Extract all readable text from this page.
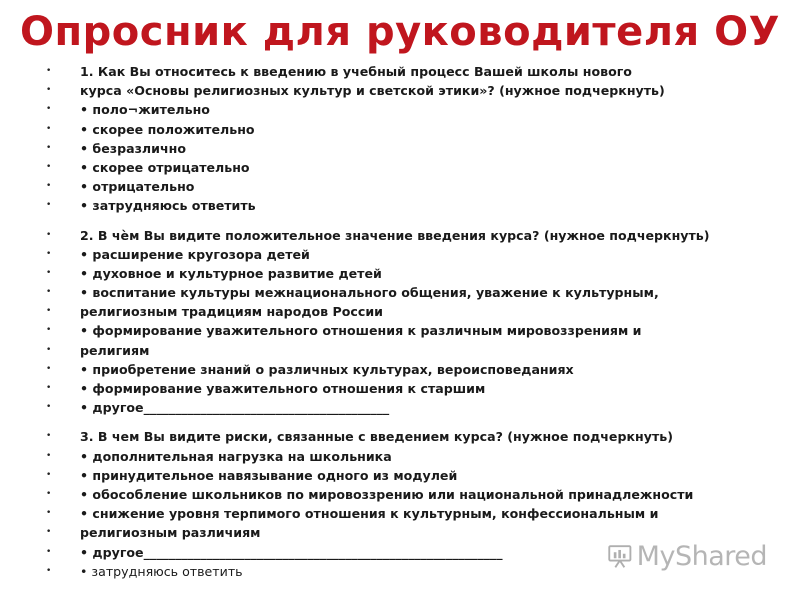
Опросник для руководителя ОУ
• 1. Как Вы относитесь к введению в учебный процесс Вашей школы нового
• курса «Основы религиозных культур и светской этики»? (нужное подчеркнуть)
• • поло¬жительно
• • скорее положительно
• • безразлично
• • скорее отрицательно
• • отрицательно
• • затрудняюсь ответить
• 2. В чѐм Вы видите положительное значение введения курса? (нужное подчеркнуть)
• • расширение кругозора детей
• • духовное и культурное развитие детей
• • воспитание культуры межнационального общения, уважение к культурным,
• религиозным традициям народов России
• • формирование уважительного отношения к различным мировоззрениям и
• религиям
• • приобретение знаний о различных культурах, вероисповеданиях
• • формирование уважительного отношения к старшим
• • другое_______________________________________
• 3. В чем Вы видите риски, связанные с введением курса? (нужное подчеркнуть)
• • дополнительная нагрузка на школьника
• • принудительное навязывание одного из модулей
• • обособление школьников по мировоззрению или национальной принадлежности
• • снижение уровня терпимого отношения к культурным, конфессиональным и
• религиозным различиям
• • другое_________________________________________________________
• • затрудняюсь ответить	MyShared
